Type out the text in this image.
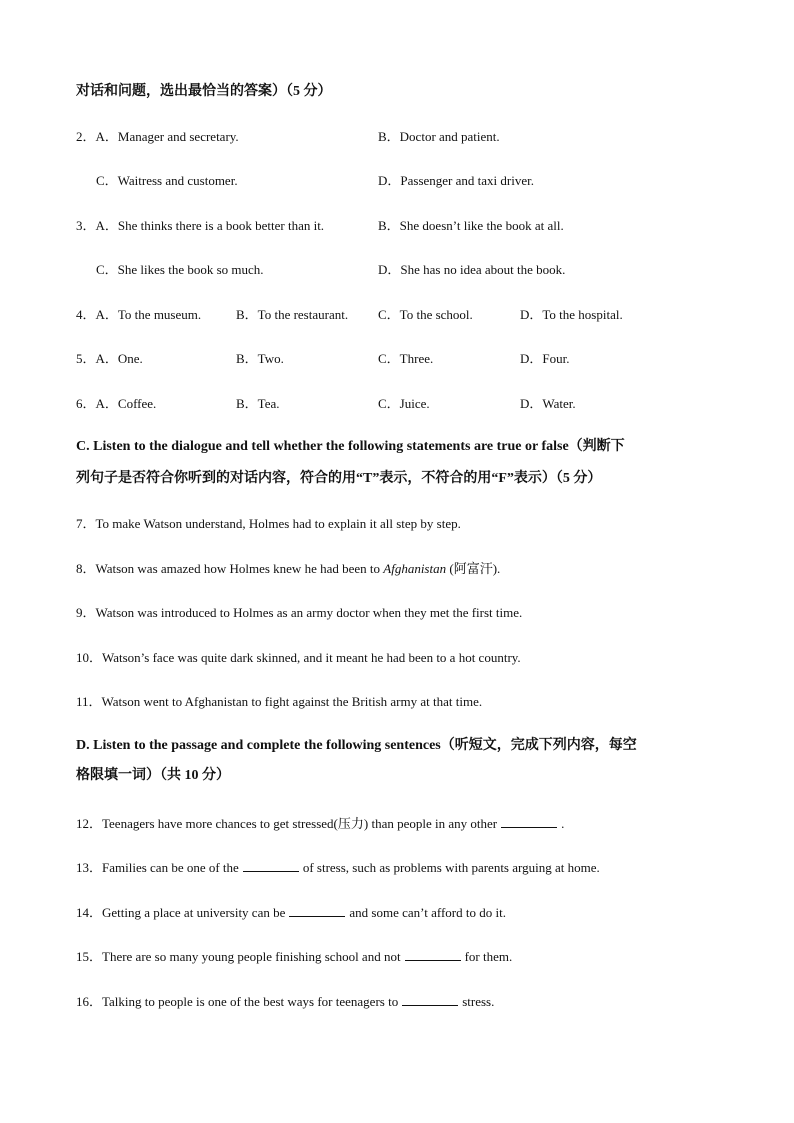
对话和问题，选出最恰当的答案）（5 分）
2．A．Manager and secretary.	B．Doctor and patient.
C．Waitress and customer.	D．Passenger and taxi driver.
3．A．She thinks there is a book better than it.	B．She doesn’t like the book at all.
C．She likes the book so much.	D．She has no idea about the book.
4．A．To the museum.	B．To the restaurant. C．To the school.	D．To the hospital.
5．A．One.	B．Two.	C．Three.	D．Four.
6．A．Coffee.	B．Tea.	C．Juice.	D．Water.
C. Listen to the dialogue and tell whether the following statements are true or false（判断下
列句子是否符合你听到的对话内容，符合的用“T”表示，不符合的用“F”表示）（5 分）
7．To make Watson understand, Holmes had to explain it all step by step.
8．Watson was amazed how Holmes knew he had been to Afghanistan (阿富汗).
9．Watson was introduced to Holmes as an army doctor when they met the first time.
10．Watson’s face was quite dark skinned, and it meant he had been to a hot country.
11．Watson went to Afghanistan to fight against the British army at that time.
D. Listen to the passage and complete the following sentences（听短文，完成下列内容，每空
格限填一词）（共 10 分）
12．Teenagers have more chances to get stressed(压力) than people in any other	.
13．Families can be one of the	of stress, such as problems with parents arguing at home.
14．Getting a place at university can be	and some can’t afford to do it.
15．There are so many young people finishing school and not	for them.
16．Talking to people is one of the best ways for teenagers to	stress.
